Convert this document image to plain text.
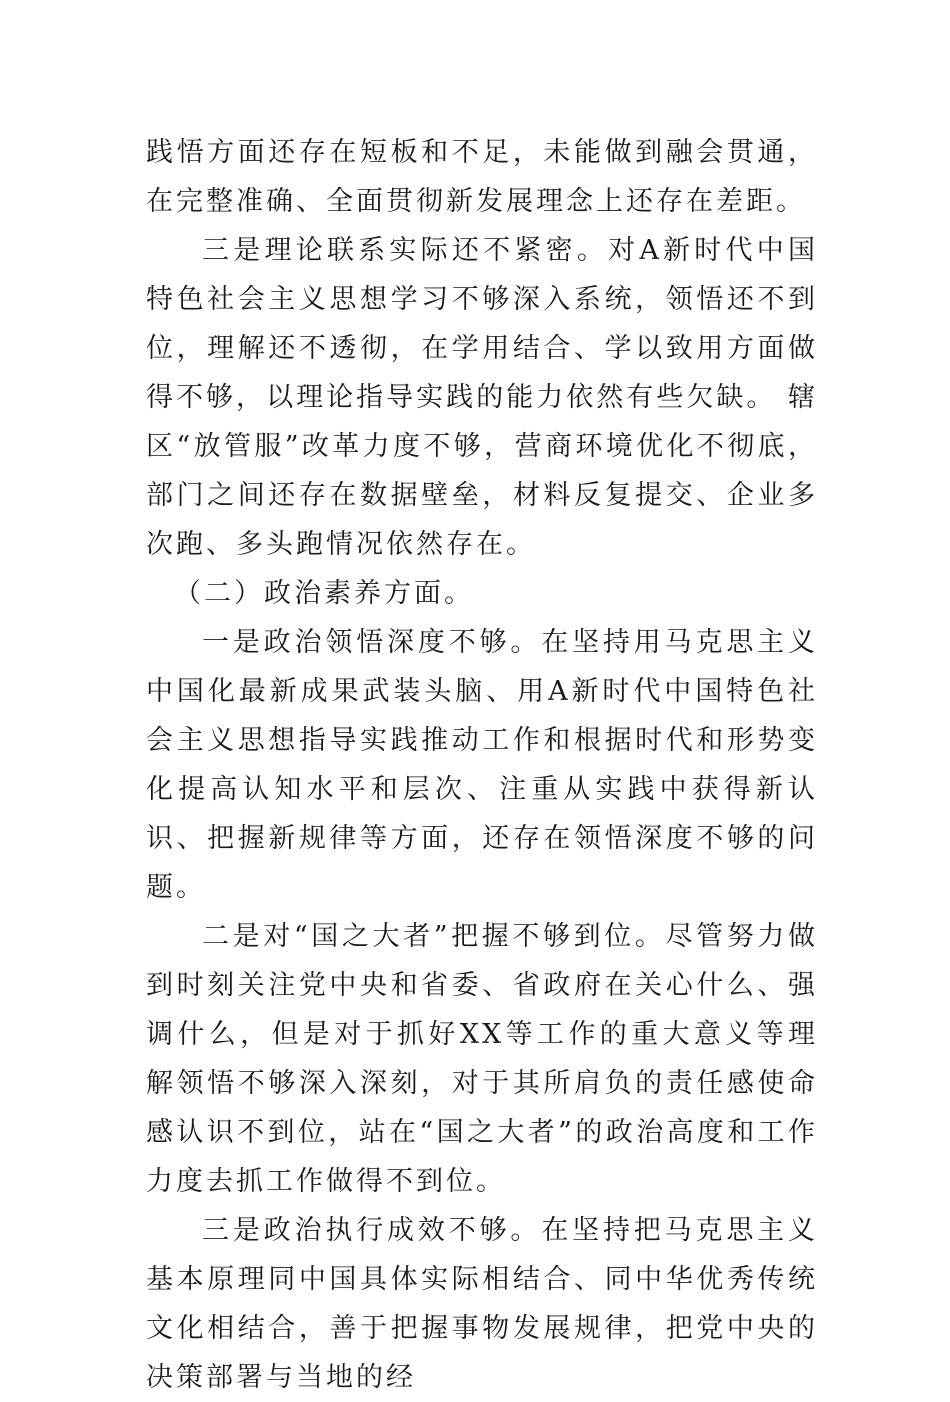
践悟方面还存在短板和不足，未能做到融会贯通，在完整准确、全面贯彻新发展理念上还存在差距。

三是理论联系实际还不紧密。对A新时代中国特色社会主义思想学习不够深入系统，领悟还不到位，理解还不透彻，在学用结合、学以致用方面做得不够，以理论指导实践的能力依然有些欠缺。 辖区“放管服”改革力度不够，营商环境优化不彻底，部门之间还存在数据壁垒，材料反复提交、企业多次跑、多头跑情况依然存在。

（二）政治素养方面。

一是政治领悟深度不够。在坚持用马克思主义中国化最新成果武装头脑、用A新时代中国特色社会主义思想指导实践推动工作和根据时代和形势变化提高认知水平和层次、注重从实践中获得新认识、把握新规律等方面，还存在领悟深度不够的问题。

二是对“国之大者”把握不够到位。尽管努力做到时刻关注党中央和省委、省政府在关心什么、强调什么，但是对于抓好XX等工作的重大意义等理解领悟不够深入深刻，对于其所肩负的责任感使命感认识不到位，站在“国之大者”的政治高度和工作力度去抓工作做得不到位。

三是政治执行成效不够。在坚持把马克思主义基本原理同中国具体实际相结合、同中华优秀传统文化相结合，善于把握事物发展规律，把党中央的决策部署与当地的经
